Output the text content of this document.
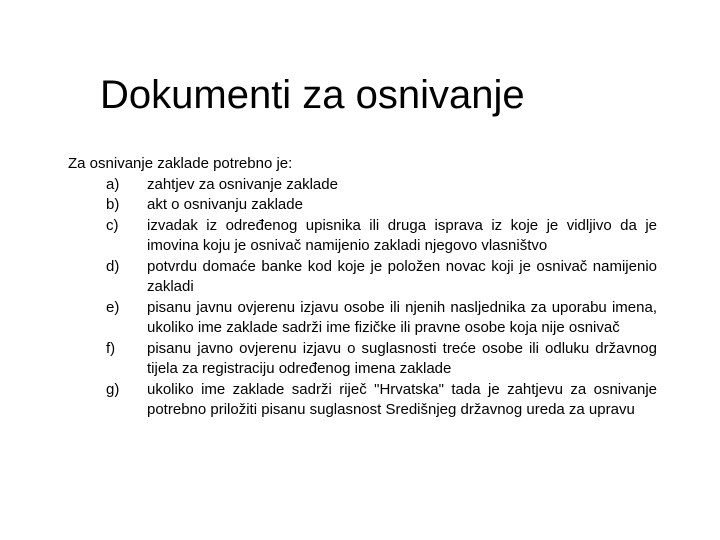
Dokumenti za osnivanje

Za osnivanje zaklade potrebno je:

a)	zahtjev za osnivanje zaklade
b)	akt o osnivanju zaklade
c)	izvadak iz određenog upisnika ili druga isprava iz koje je vidljivo da je imovina koju je osnivač namijenio zakladi njegovo vlasništvo
d)	potvrdu domaće banke kod koje je položen novac koji je osnivač namijenio zakladi
e)	pisanu javnu ovjerenu izjavu osobe ili njenih nasljednika za uporabu imena, ukoliko ime zaklade sadrži ime fizičke ili pravne osobe koja nije osnivač
f)	pisanu javno ovjerenu izjavu o suglasnosti treće osobe ili odluku državnog tijela za registraciju određenog imena zaklade
g)	ukoliko ime zaklade sadrži riječ "Hrvatska" tada je zahtjevu za osnivanje potrebno priložiti pisanu suglasnost Središnjeg državnog ureda za upravu
